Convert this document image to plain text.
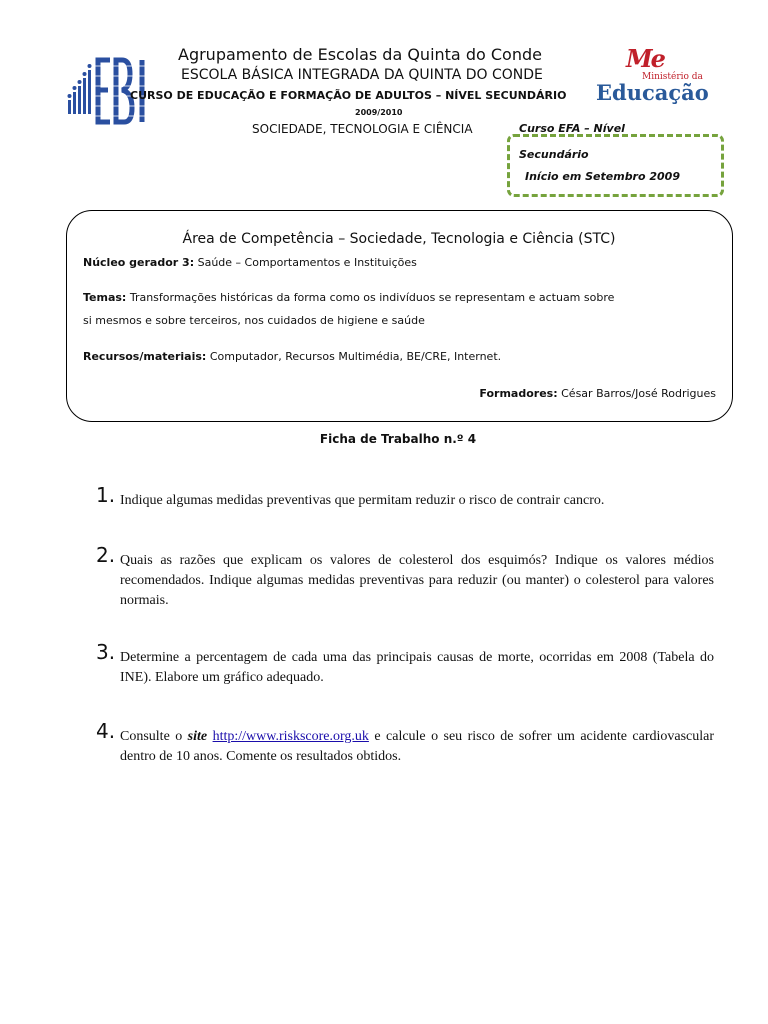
Me
Ministério da
Educação
Agrupamento de Escolas da Quinta do Conde
ESCOLA BÁSICA INTEGRADA DA QUINTA DO CONDE
CURSO DE EDUCAÇÃO E FORMAÇÃO DE ADULTOS – NÍVEL SECUNDÁRIO
2009/2010
SOCIEDADE, TECNOLOGIA E CIÊNCIA	Curso EFA – Nível
Secundário
Início em Setembro 2009
Área de Competência – Sociedade, Tecnologia e Ciência (STC)
Núcleo gerador 3: Saúde – Comportamentos e Instituições
Temas: Transformações históricas da forma como os indivíduos se representam e actuam sobre
si mesmos e sobre terceiros, nos cuidados de higiene e saúde
Recursos/materiais: Computador, Recursos Multimédia, BE/CRE, Internet.
Formadores: César Barros/José Rodrigues
Ficha de Trabalho n.º 4
1. Indique algumas medidas preventivas que permitam reduzir o risco de contrair cancro.
2. Quais as razões que explicam os valores de colesterol dos esquimós? Indique os valores médios recomendados. Indique algumas medidas preventivas para reduzir (ou manter) o colesterol para valores normais.
3. Determine a percentagem de cada uma das principais causas de morte, ocorridas em 2008 (Tabela do INE). Elabore um gráfico adequado.
4. Consulte o site http://www.riskscore.org.uk e calcule o seu risco de sofrer um acidente cardiovascular dentro de 10 anos. Comente os resultados obtidos.
